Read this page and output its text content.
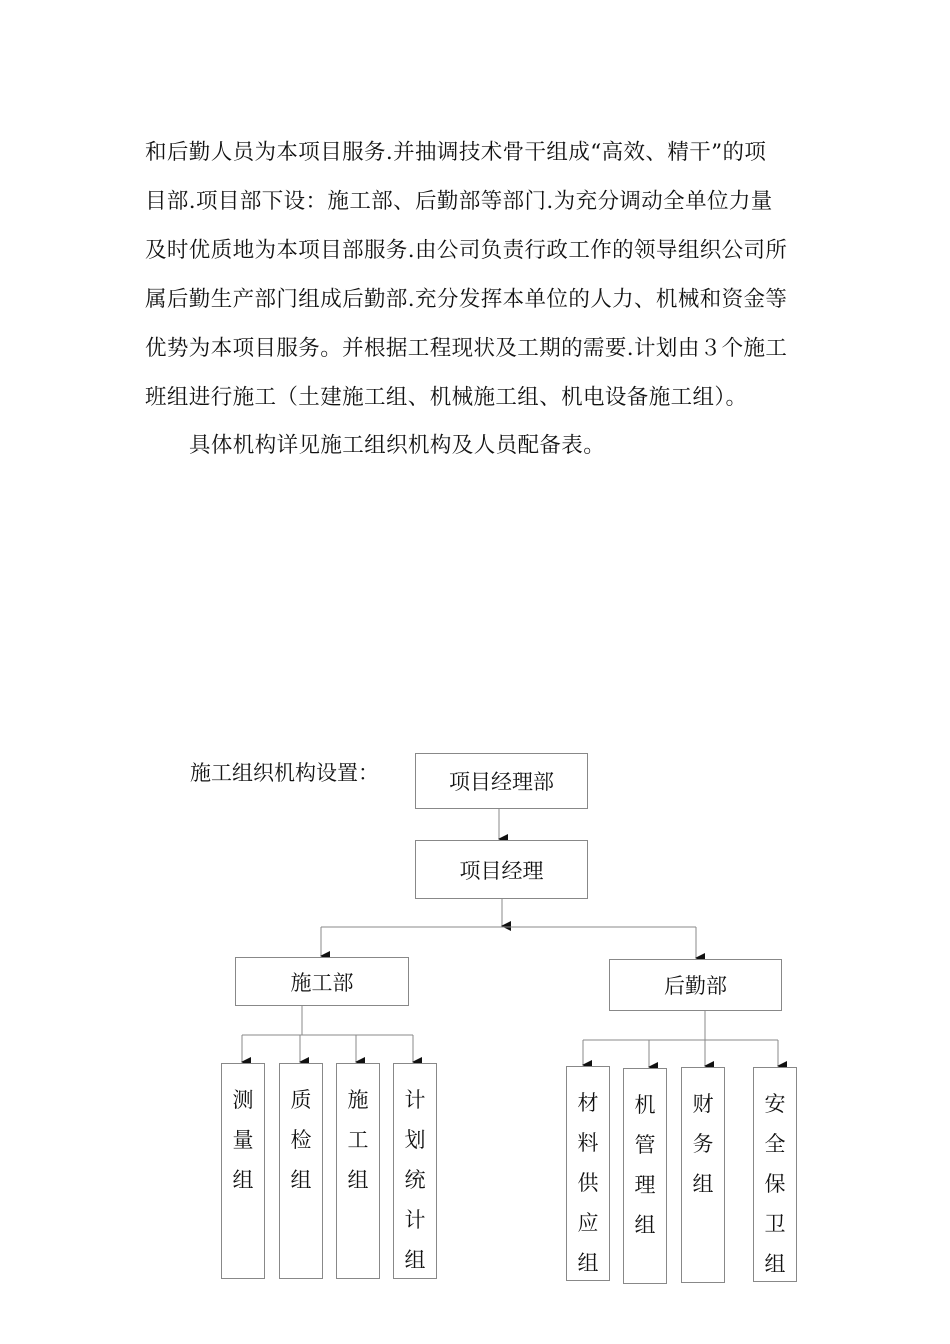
和后勤人员为本项目服务.并抽调技术骨干组成“高效、精干”的项
目部.项目部下设：施工部、后勤部等部门.为充分调动全单位力量
及时优质地为本项目部服务.由公司负责行政工作的领导组织公司所
属后勤生产部门组成后勤部.充分发挥本单位的人力、机械和资金等
优势为本项目服务。并根据工程现状及工期的需要.计划由３个施工
班组进行施工（土建施工组、机械施工组、机电设备施工组）。

具体机构详见施工组织机构及人员配备表。

施工组织机构设置：	项目经理部
项目经理
施工部	后勤部
测
量
组
质
检
组
施
工
组
计
划
统
计
组
材
料
供
应
组
机
管
理
组
财
务
组
安
全
保
卫
组
